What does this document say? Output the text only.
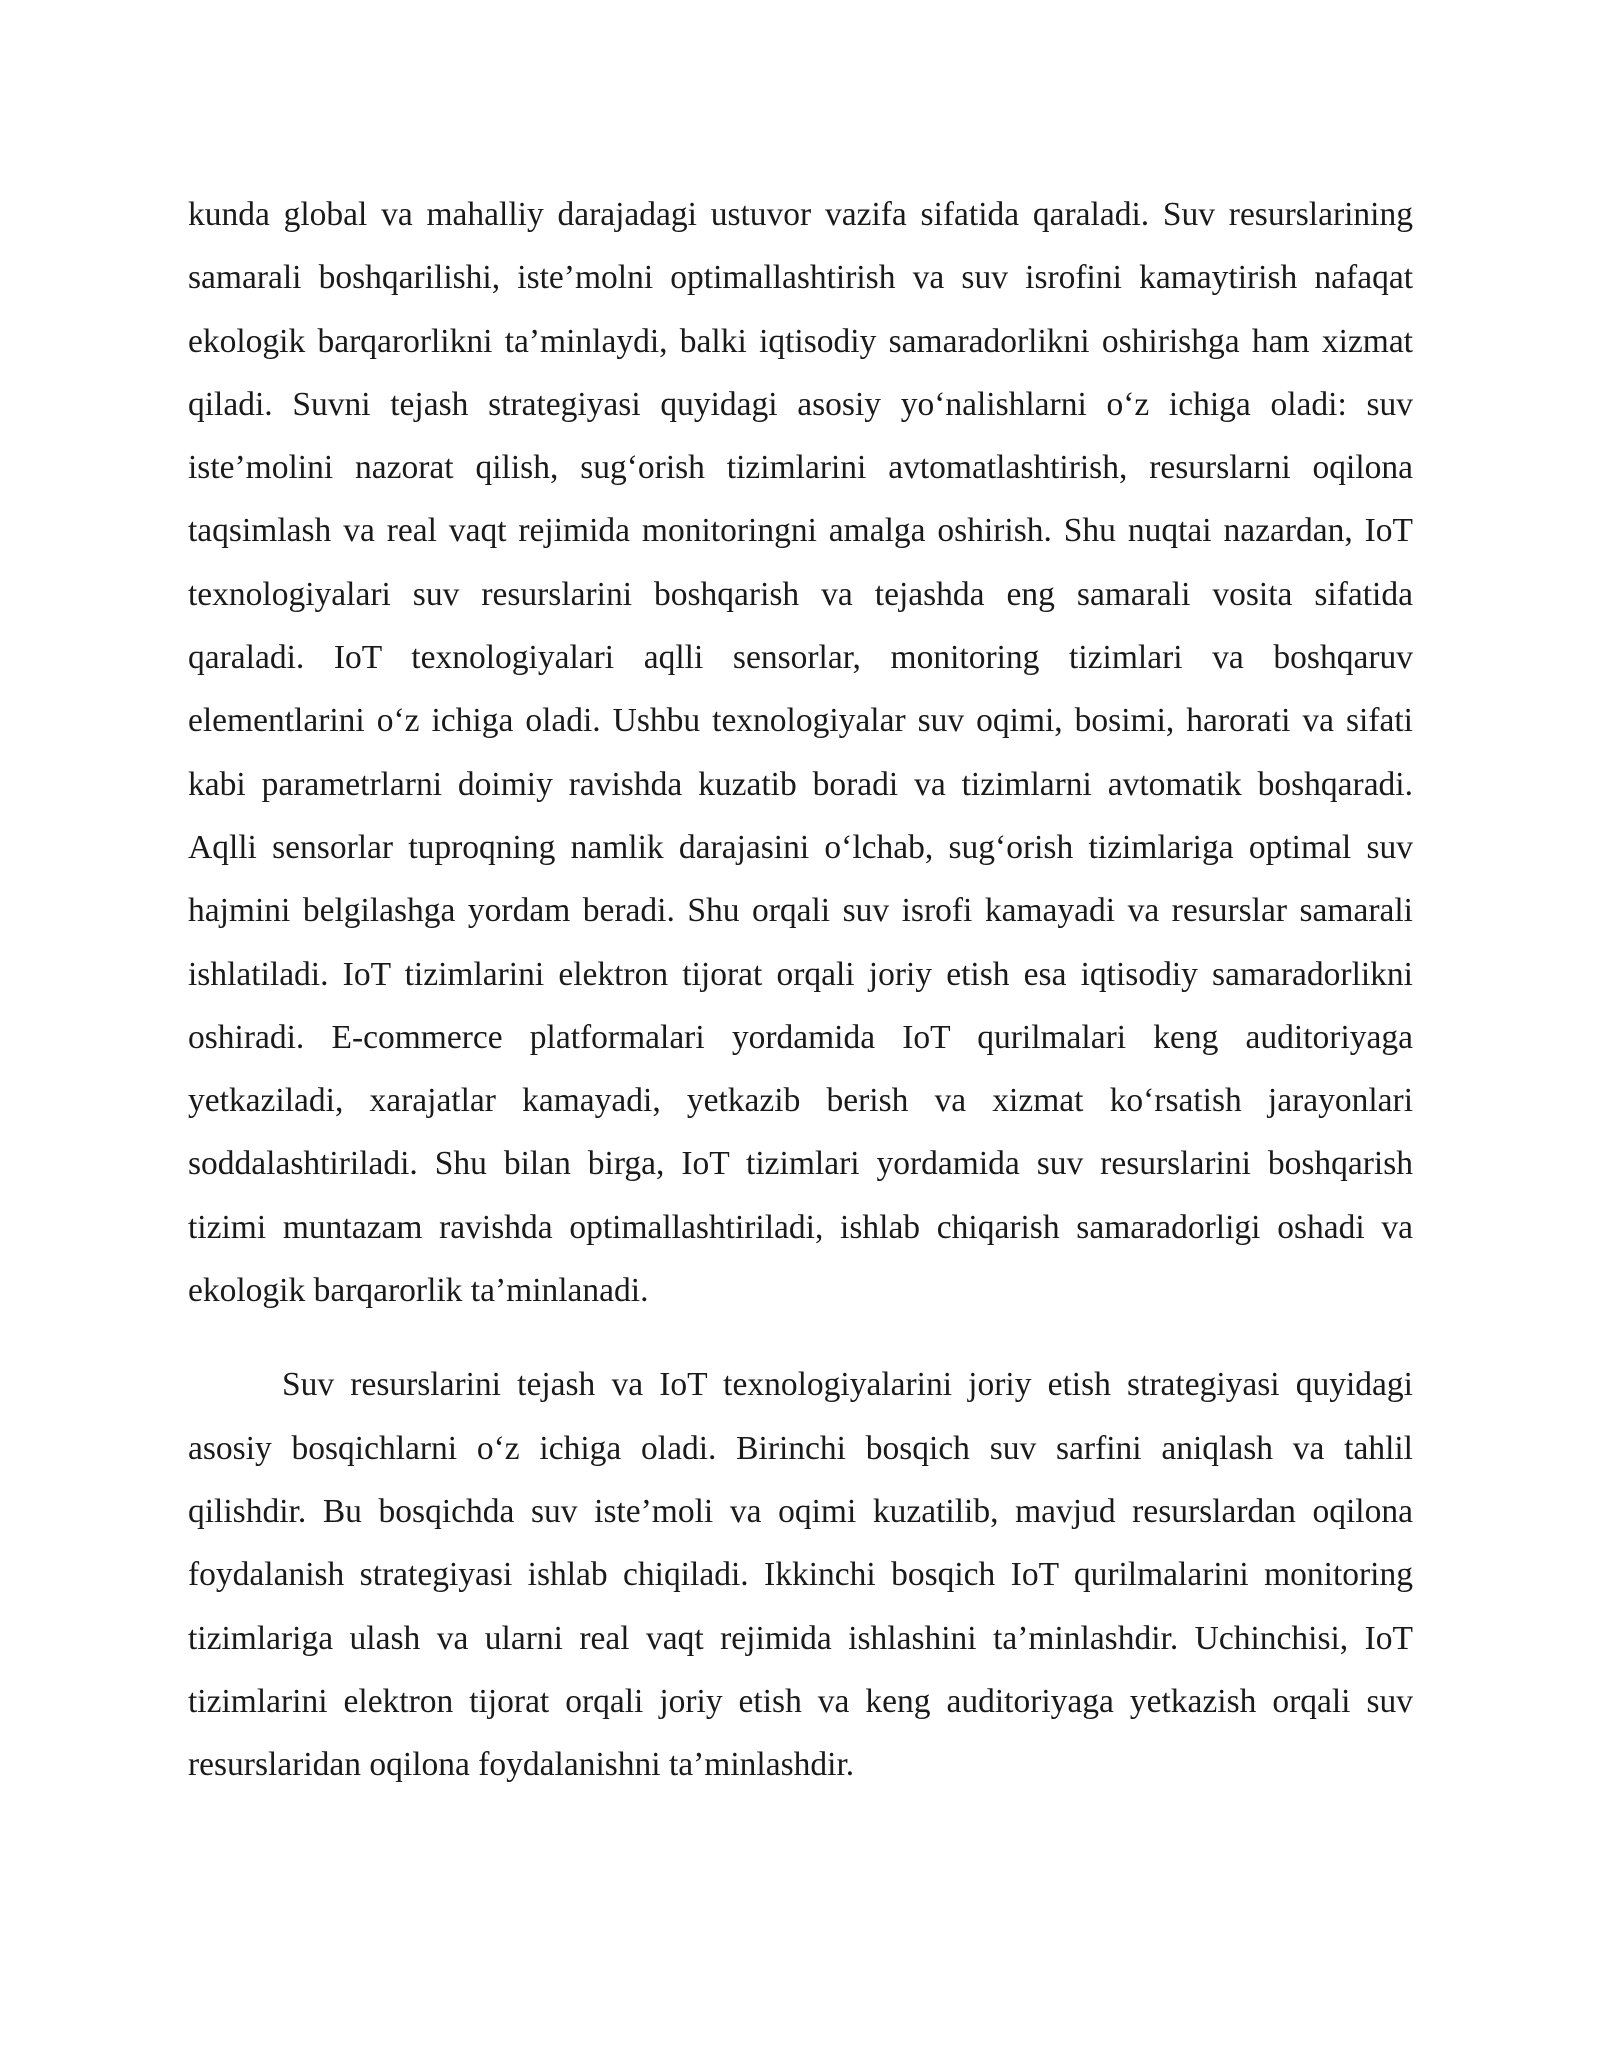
kunda global va mahalliy darajadagi ustuvor vazifa sifatida qaraladi. Suv resurslarining samarali boshqarilishi, iste’molni optimallashtirish va suv isrofini kamaytirish nafaqat ekologik barqarorlikni ta’minlaydi, balki iqtisodiy samaradorlikni oshirishga ham xizmat qiladi. Suvni tejash strategiyasi quyidagi asosiy yo‘nalishlarni o‘z ichiga oladi: suv iste’molini nazorat qilish, sug‘orish tizimlarini avtomatlashtirish, resurslarni oqilona taqsimlash va real vaqt rejimida monitoringni amalga oshirish. Shu nuqtai nazardan, IoT texnologiyalari suv resurslarini boshqarish va tejashda eng samarali vosita sifatida qaraladi. IoT texnologiyalari aqlli sensorlar, monitoring tizimlari va boshqaruv elementlarini o‘z ichiga oladi. Ushbu texnologiyalar suv oqimi, bosimi, harorati va sifati kabi parametrlarni doimiy ravishda kuzatib boradi va tizimlarni avtomatik boshqaradi. Aqlli sensorlar tuproqning namlik darajasini o‘lchab, sug‘orish tizimlariga optimal suv hajmini belgilashga yordam beradi. Shu orqali suv isrofi kamayadi va resurslar samarali ishlatiladi. IoT tizimlarini elektron tijorat orqali joriy etish esa iqtisodiy samaradorlikni oshiradi. E-commerce platformalari yordamida IoT qurilmalari keng auditoriyaga yetkaziladi, xarajatlar kamayadi, yetkazib berish va xizmat ko‘rsatish jarayonlari soddalashtiriladi. Shu bilan birga, IoT tizimlari yordamida suv resurslarini boshqarish tizimi muntazam ravishda optimallashtiriladi, ishlab chiqarish samaradorligi oshadi va ekologik barqarorlik ta’minlanadi.

Suv resurslarini tejash va IoT texnologiyalarini joriy etish strategiyasi quyidagi asosiy bosqichlarni o‘z ichiga oladi. Birinchi bosqich suv sarfini aniqlash va tahlil qilishdir. Bu bosqichda suv iste’moli va oqimi kuzatilib, mavjud resurslardan oqilona foydalanish strategiyasi ishlab chiqiladi. Ikkinchi bosqich IoT qurilmalarini monitoring tizimlariga ulash va ularni real vaqt rejimida ishlashini ta’minlashdir. Uchinchisi, IoT tizimlarini elektron tijorat orqali joriy etish va keng auditoriyaga yetkazish orqali suv resurslaridan oqilona foydalanishni ta’minlashdir.
